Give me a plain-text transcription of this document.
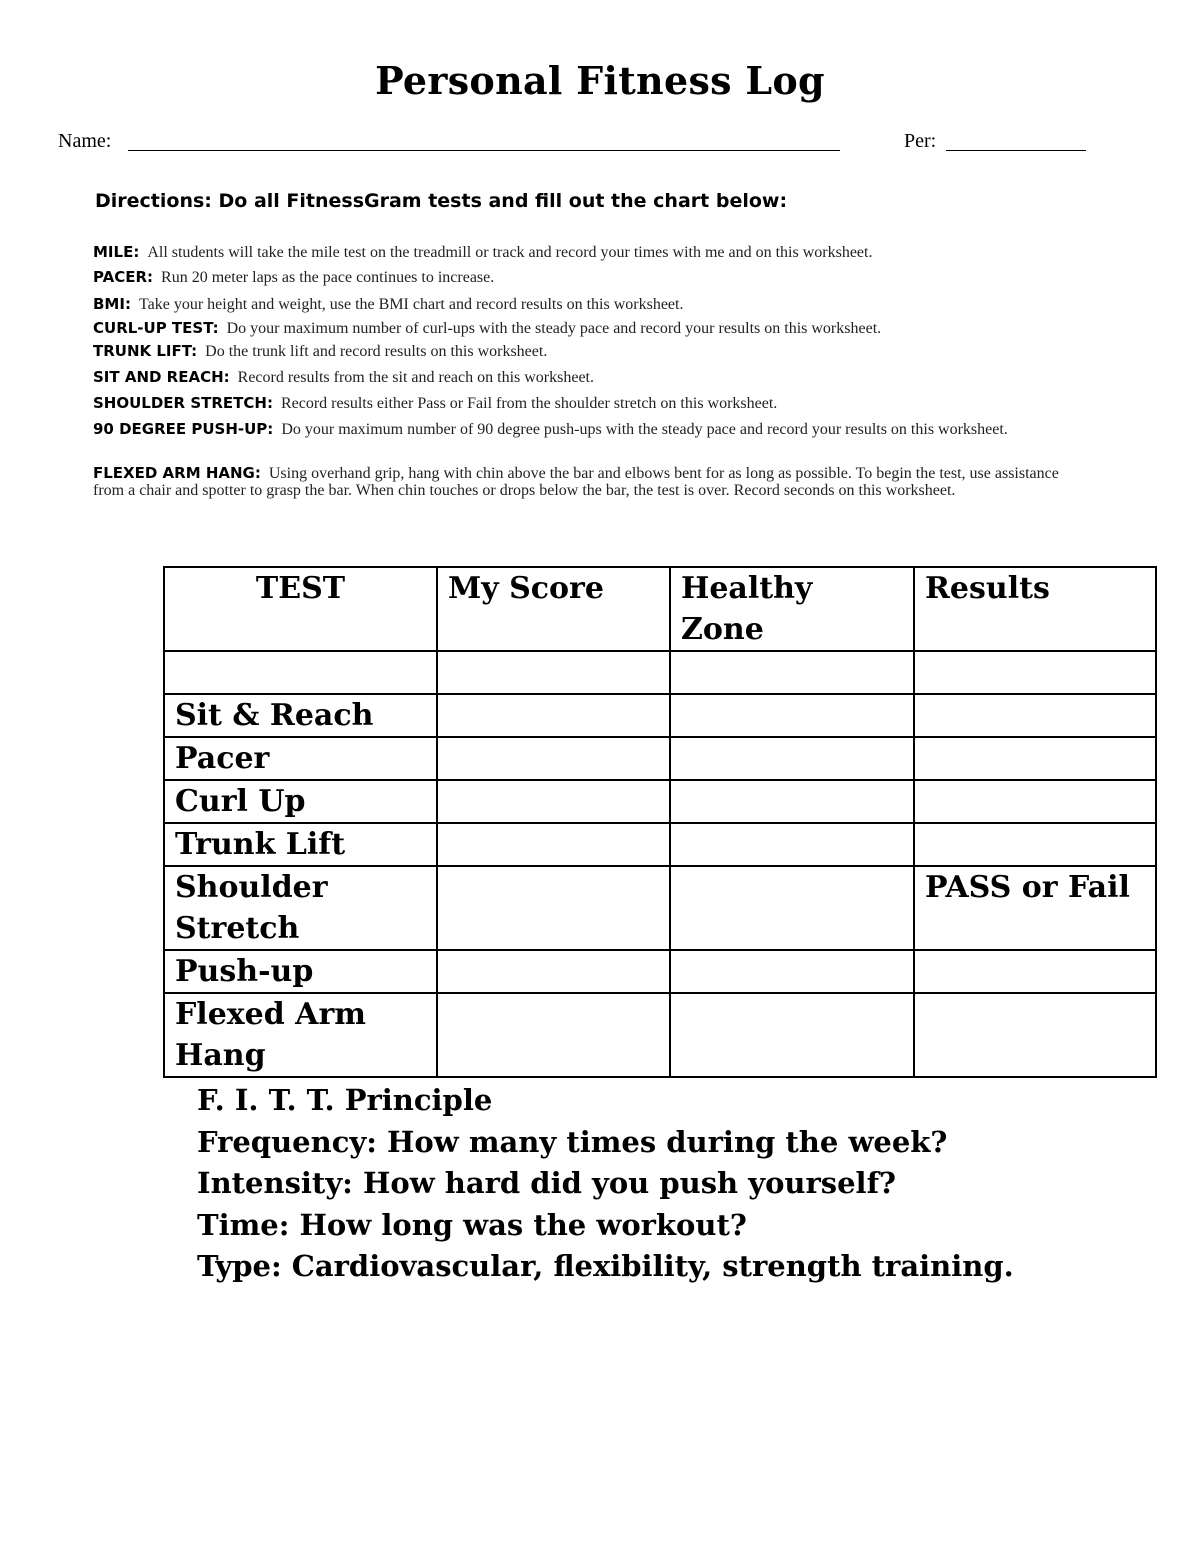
Personal Fitness Log
Name:	Per:
Directions: Do all FitnessGram tests and fill out the chart below:
MILE: All students will take the mile test on the treadmill or track and record your times with me and on this worksheet.
PACER: Run 20 meter laps as the pace continues to increase.
BMI: Take your height and weight, use the BMI chart and record results on this worksheet.
CURL-UP TEST: Do your maximum number of curl-ups with the steady pace and record your results on this worksheet.
TRUNK LIFT: Do the trunk lift and record results on this worksheet.
SIT AND REACH: Record results from the sit and reach on this worksheet.
SHOULDER STRETCH: Record results either Pass or Fail from the shoulder stretch on this worksheet.
90 DEGREE PUSH-UP: Do your maximum number of 90 degree push-ups with the steady pace and record your results on this worksheet.
FLEXED ARM HANG: Using overhand grip, hang with chin above the bar and elbows bent for as long as possible. To begin the test, use assistance from a chair and spotter to grasp the bar. When chin touches or drops below the bar, the test is over. Record seconds on this worksheet.
TEST	My Score	Healthy Zone	Results

Sit & Reach			
Pacer			
Curl Up			
Trunk Lift			
Shoulder Stretch			PASS or Fail
Push-up			
Flexed Arm Hang			
F. I. T. T. Principle
Frequency: How many times during the week?
Intensity: How hard did you push yourself?
Time: How long was the workout?
Type: Cardiovascular, flexibility, strength training.
